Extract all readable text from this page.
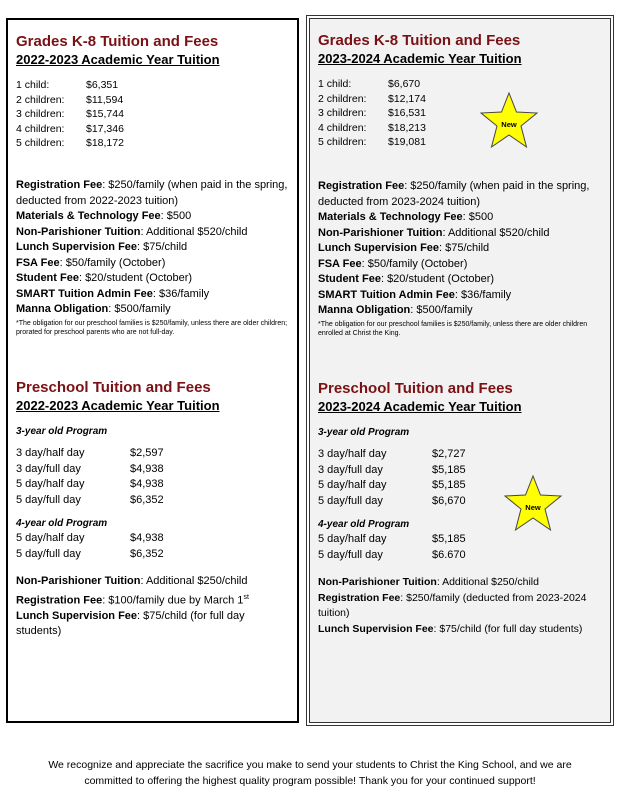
Grades K-8 Tuition and Fees
2022-2023 Academic Year Tuition
1 child:	$6,351
2 children:	$11,594
3 children:	$15,744
4 children:	$17,346
5 children:	$18,172
Registration Fee: $250/family (when paid in the spring, deducted from 2022-2023 tuition)
Materials & Technology Fee: $500
Non-Parishioner Tuition: Additional $520/child
Lunch Supervision Fee: $75/child
FSA Fee: $50/family (October)
Student Fee: $20/student (October)
SMART Tuition Admin Fee: $36/family
Manna Obligation: $500/family
*The obligation for our preschool families is $250/family, unless there are older children; prorated for preschool parents who are not full-day.
Preschool Tuition and Fees
2022-2023 Academic Year Tuition
3-year old Program
3 day/half day	$2,597
3 day/full day	$4,938
5 day/half day	$4,938
5 day/full day	$6,352
4-year old Program
5 day/half day	$4,938
5 day/full day	$6,352
Non-Parishioner Tuition: Additional $250/child
Registration Fee: $100/family due by March 1st
Lunch Supervision Fee: $75/child (for full day students)
Grades K-8 Tuition and Fees
2023-2024 Academic Year Tuition
1 child:	$6,670
2 children:	$12,174
3 children:	$16,531
4 children:	$18,213
5 children:	$19,081
New
Registration Fee: $250/family (when paid in the spring, deducted from 2023-2024 tuition)
Materials & Technology Fee: $500
Non-Parishioner Tuition: Additional $520/child
Lunch Supervision Fee: $75/child
FSA Fee: $50/family (October)
Student Fee: $20/student (October)
SMART Tuition Admin Fee: $36/family
Manna Obligation: $500/family
*The obligation for our preschool families is $250/family, unless there are older children enrolled at Christ the King.
Preschool Tuition and Fees
2023-2024 Academic Year Tuition
3-year old Program
3 day/half day	$2,727
3 day/full day	$5,185
5 day/half day	$5,185
5 day/full day	$6,670
4-year old Program
5 day/half day	$5,185
5 day/full day	$6.670
Non-Parishioner Tuition: Additional $250/child
Registration Fee: $250/family (deducted from 2023-2024 tuition)
Lunch Supervision Fee: $75/child (for full day students)
New
We recognize and appreciate the sacrifice you make to send your students to Christ the King School, and we are
committed to offering the highest quality program possible! Thank you for your continued support!
